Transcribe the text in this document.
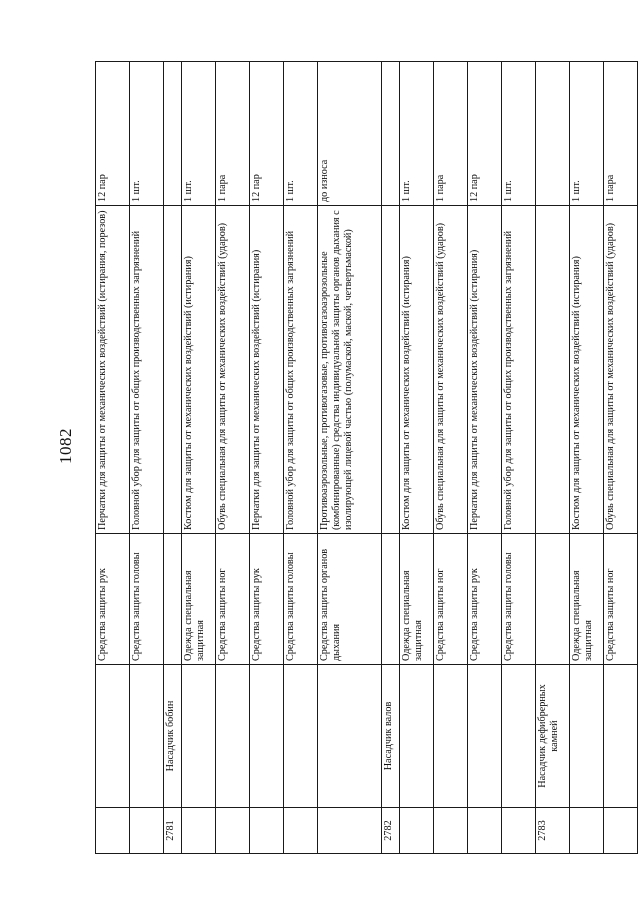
1082
		Средства защиты рук	Перчатки для защиты от механических воздействий (истирания, порезов)	12 пар
		Средства защиты головы	Головной убор для защиты от общих производственных загрязнений	1 шт.
2781	Насадчик бобин			
		Одежда специальная защитная	Костюм для защиты от механических воздействий (истирания)	1 шт.
		Средства защиты ног	Обувь специальная для защиты от механических воздействий (ударов)	1 пара
		Средства защиты рук	Перчатки для защиты от механических воздействий (истирания)	12 пар
		Средства защиты головы	Головной убор для защиты от общих производственных загрязнений	1 шт.
		Средства защиты органов дыхания	Противоаэрозольные, противогазовые, противогазоаэрозольные (комбинированные) средства индивидуальной защиты органов дыхания с изолирующей лицевой частью (полумаской, маской, четвертьмаской)	до износа
2782	Насадчик валов			
		Одежда специальная защитная	Костюм для защиты от механических воздействий (истирания)	1 шт.
		Средства защиты ног	Обувь специальная для защиты от механических воздействий (ударов)	1 пара
		Средства защиты рук	Перчатки для защиты от механических воздействий (истирания)	12 пар
		Средства защиты головы	Головной убор для защиты от общих производственных загрязнений	1 шт.
2783	Насадчик дефибрерных камней			
		Одежда специальная защитная	Костюм для защиты от механических воздействий (истирания)	1 шт.
		Средства защиты ног	Обувь специальная для защиты от механических воздействий (ударов)	1 пара
